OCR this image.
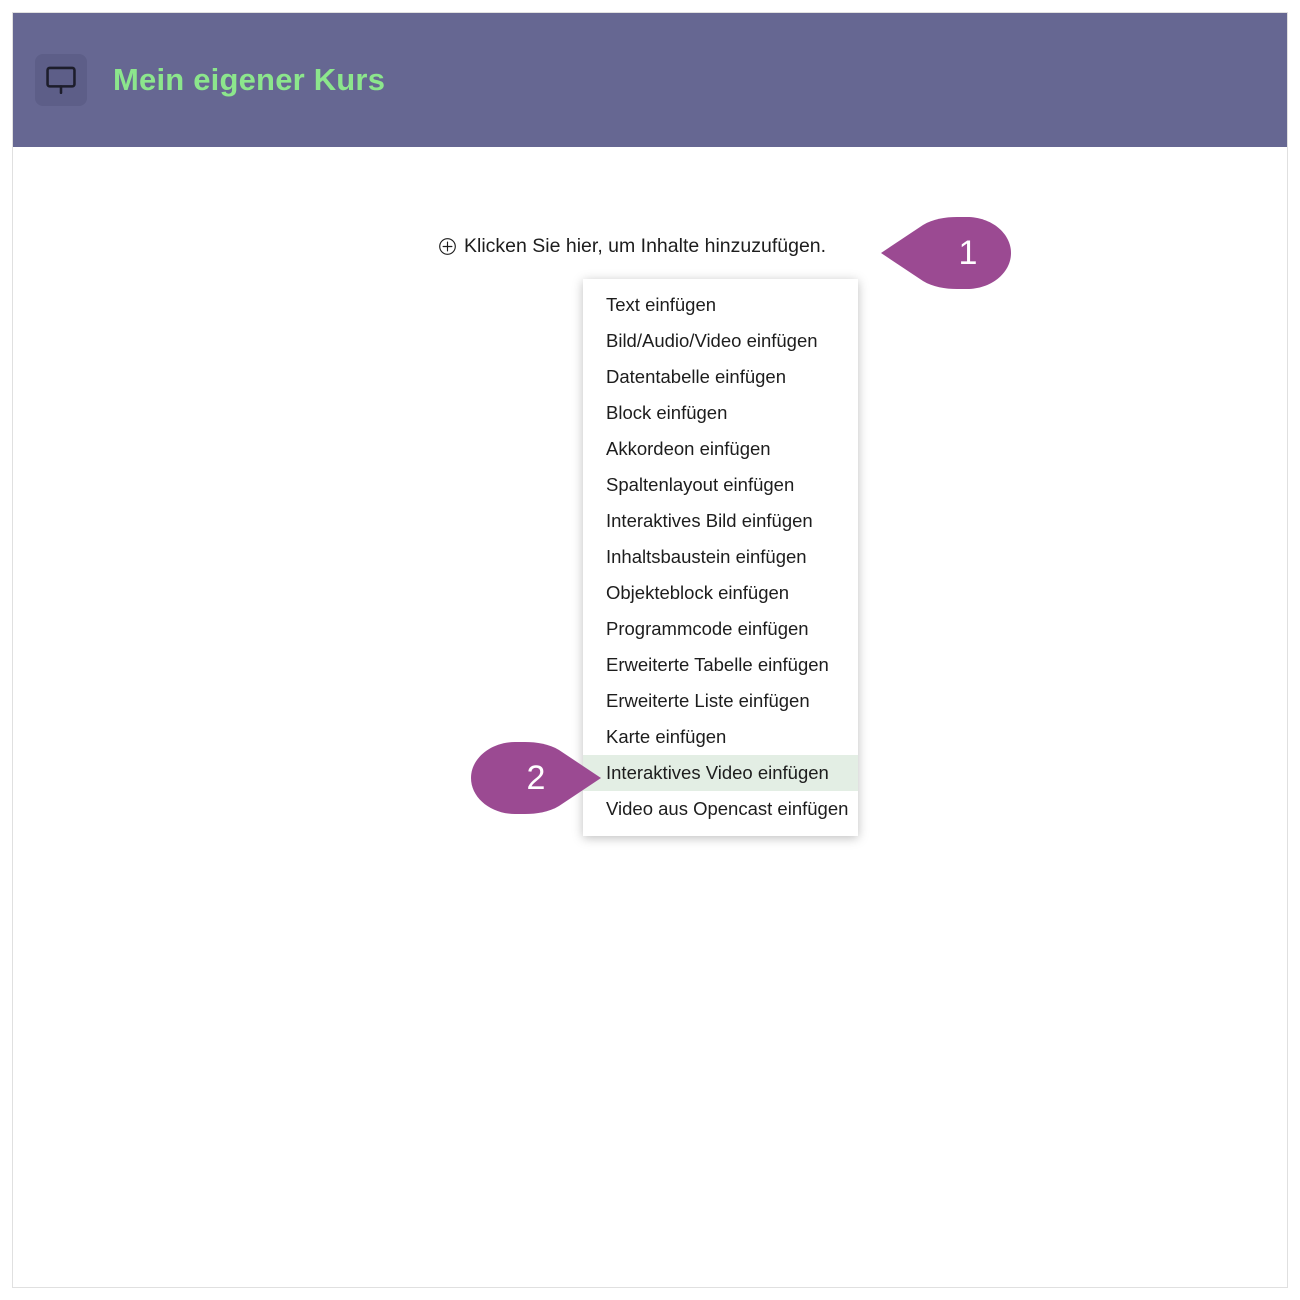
Mein eigener Kurs
Klicken Sie hier, um Inhalte hinzuzufügen.
Text einfügen
Bild/Audio/Video einfügen
Datentabelle einfügen
Block einfügen
Akkordeon einfügen
Spaltenlayout einfügen
Interaktives Bild einfügen
Inhaltsbaustein einfügen
Objekteblock einfügen
Programmcode einfügen
Erweiterte Tabelle einfügen
Erweiterte Liste einfügen
Karte einfügen
Interaktives Video einfügen
Video aus Opencast einfügen
1
2
